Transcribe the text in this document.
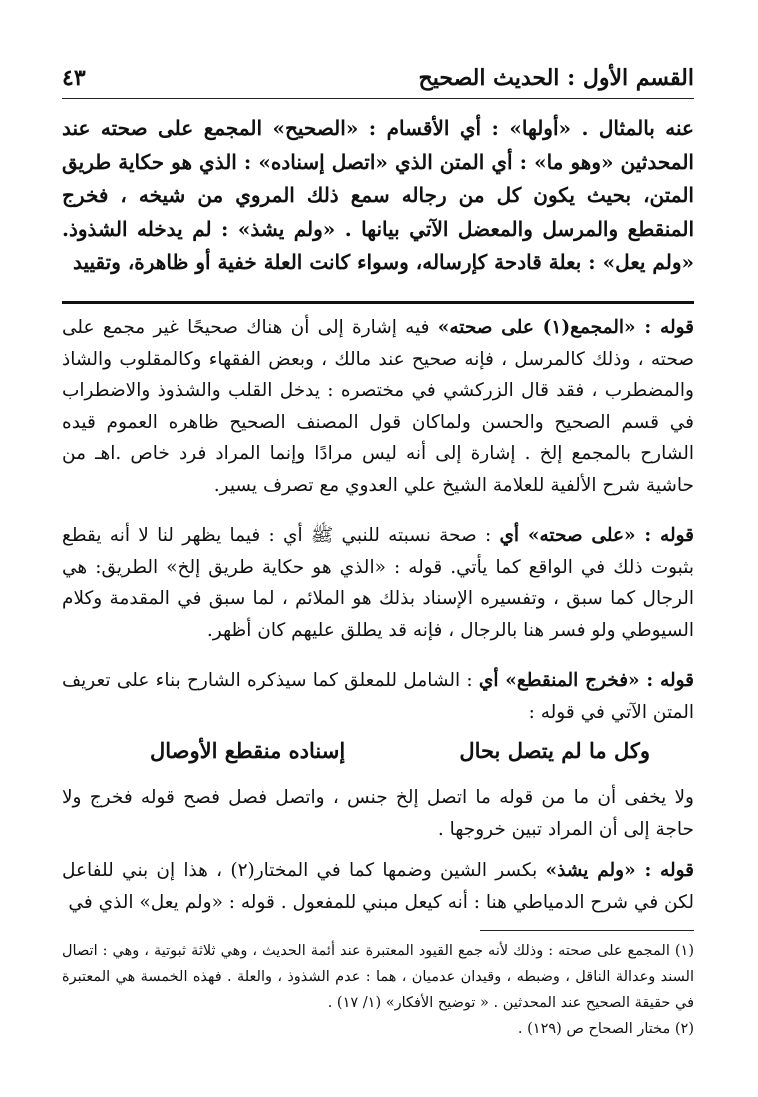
القسم الأول : الحديث الصحيح
٤٣
عنه بالمثال . «أولها» : أي الأقسام : «الصحيح» المجمع على صحته عند المحدثين «وهو ما» : أي المتن الذي «اتصل إسناده» : الذي هو حكاية طريق المتن، بحيث يكون كل من رجاله سمع ذلك المروي من شيخه ، فخرج المنقطع والمرسل والمعضل الآتي بيانها . «ولم يشذ» : لم يدخله الشذوذ. «ولم يعل» : بعلة قادحة كإرساله، وسواء كانت العلة خفية أو ظاهرة، وتقييد
قوله : «المجمع(١) على صحته» فيه إشارة إلى أن هناك صحيحًا غير مجمع على صحته ، وذلك كالمرسل ، فإنه صحيح عند مالك ، وبعض الفقهاء وكالمقلوب والشاذ والمضطرب ، فقد قال الزركشي في مختصره : يدخل القلب والشذوذ والاضطراب في قسم الصحيح والحسن ولماكان قول المصنف الصحيح ظاهره العموم قيده الشارح بالمجمع إلخ . إشارة إلى أنه ليس مرادًا وإنما المراد فرد خاص .اهـ من حاشية شرح الألفية للعلامة الشيخ علي العدوي مع تصرف يسير.
قوله : «على صحته» أي : صحة نسبته للنبي ﷺ أي : فيما يظهر لنا لا أنه يقطع بثبوت ذلك في الواقع كما يأتي. قوله : «الذي هو حكاية طريق إلخ» الطريق: هي الرجال كما سبق ، وتفسيره الإسناد بذلك هو الملائم ، لما سبق في المقدمة وكلام السيوطي ولو فسر هنا بالرجال ، فإنه قد يطلق عليهم كان أظهر.
قوله : «فخرج المنقطع» أي : الشامل للمعلق كما سيذكره الشارح بناء على تعريف المتن الآتي في قوله :
وكل ما لم يتصل بحال
إسناده منقطع الأوصال
ولا يخفى أن ما من قوله ما اتصل إلخ جنس ، واتصل فصل فصح قوله فخرج ولا حاجة إلى أن المراد تبين خروجها .
قوله : «ولم يشذ» بكسر الشين وضمها كما في المختار(٢) ، هذا إن بني للفاعل لكن في شرح الدمياطي هنا : أنه كيعل مبني للمفعول . قوله : «ولم يعل» الذي في
(١) المجمع على صحته : وذلك لأنه جمع القيود المعتبرة عند أئمة الحديث ، وهي ثلاثة ثبوتية ، وهي : اتصال السند وعدالة الناقل ، وضبطه ، وقيدان عدميان ، هما : عدم الشذوذ ، والعلة . فهذه الخمسة هي المعتبرة في حقيقة الصحيح عند المحدثين . « توضيح الأفكار» (١/ ١٧) .
(٢) مختار الصحاح ص (١٢٩) .
